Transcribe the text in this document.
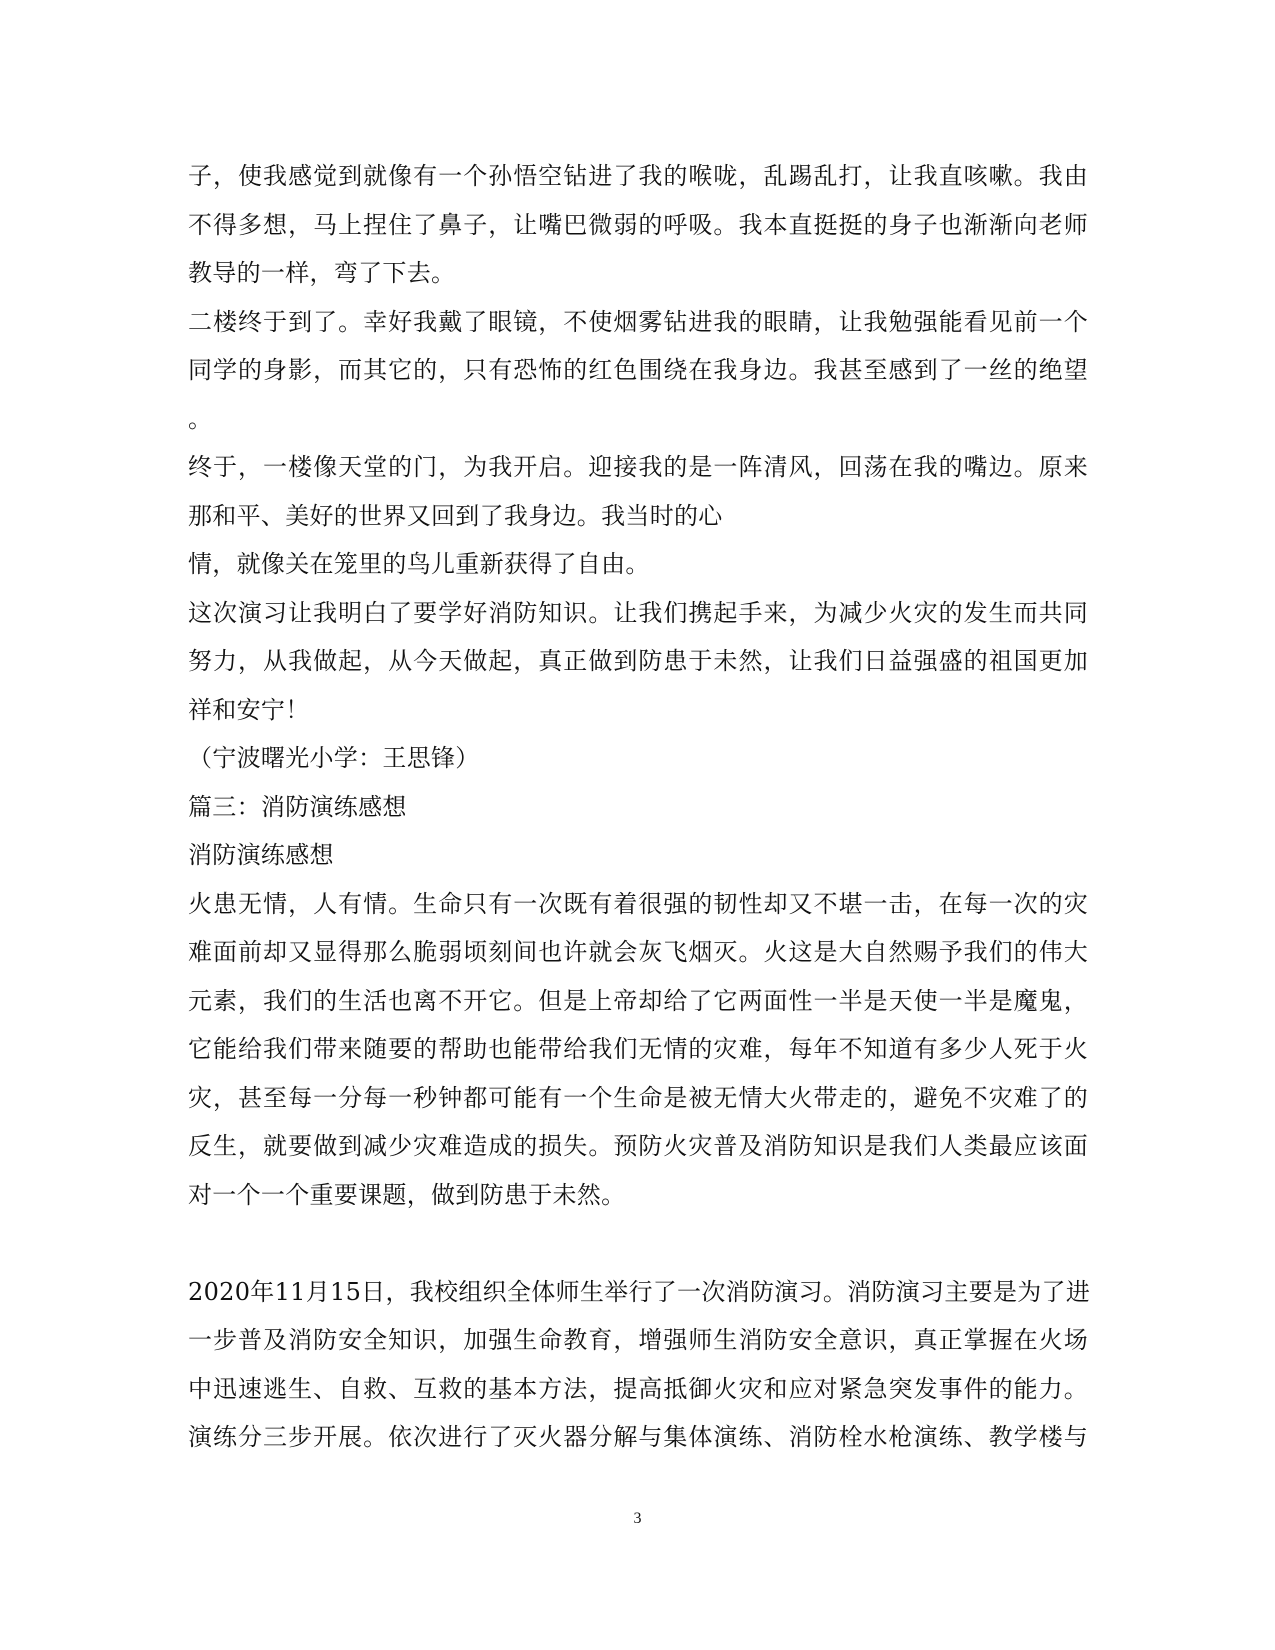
子，使我感觉到就像有一个孙悟空钻进了我的喉咙，乱踢乱打，让我直咳嗽。我由
不得多想，马上捏住了鼻子，让嘴巴微弱的呼吸。我本直挺挺的身子也渐渐向老师
教导的一样，弯了下去。
二楼终于到了。幸好我戴了眼镜，不使烟雾钻进我的眼睛，让我勉强能看见前一个
同学的身影，而其它的，只有恐怖的红色围绕在我身边。我甚至感到了一丝的绝望
。
终于，一楼像天堂的门，为我开启。迎接我的是一阵清风，回荡在我的嘴边。原来
那和平、美好的世界又回到了我身边。我当时的心
情，就像关在笼里的鸟儿重新获得了自由。
这次演习让我明白了要学好消防知识。让我们携起手来，为减少火灾的发生而共同
努力，从我做起，从今天做起，真正做到防患于未然，让我们日益强盛的祖国更加
祥和安宁！
（宁波曙光小学：王思锋）
篇三：消防演练感想
消防演练感想
火患无情，人有情。生命只有一次既有着很强的韧性却又不堪一击，在每一次的灾
难面前却又显得那么脆弱顷刻间也许就会灰飞烟灭。火这是大自然赐予我们的伟大
元素，我们的生活也离不开它。但是上帝却给了它两面性一半是天使一半是魔鬼，
它能给我们带来随要的帮助也能带给我们无情的灾难，每年不知道有多少人死于火
灾，甚至每一分每一秒钟都可能有一个生命是被无情大火带走的，避免不灾难了的
反生，就要做到减少灾难造成的损失。预防火灾普及消防知识是我们人类最应该面
对一个一个重要课题，做到防患于未然。
2020年11月15日，我校组织全体师生举行了一次消防演习。消防演习主要是为了进
一步普及消防安全知识，加强生命教育，增强师生消防安全意识，真正掌握在火场
中迅速逃生、自救、互救的基本方法，提高抵御火灾和应对紧急突发事件的能力。
演练分三步开展。依次进行了灭火器分解与集体演练、消防栓水枪演练、教学楼与
3
